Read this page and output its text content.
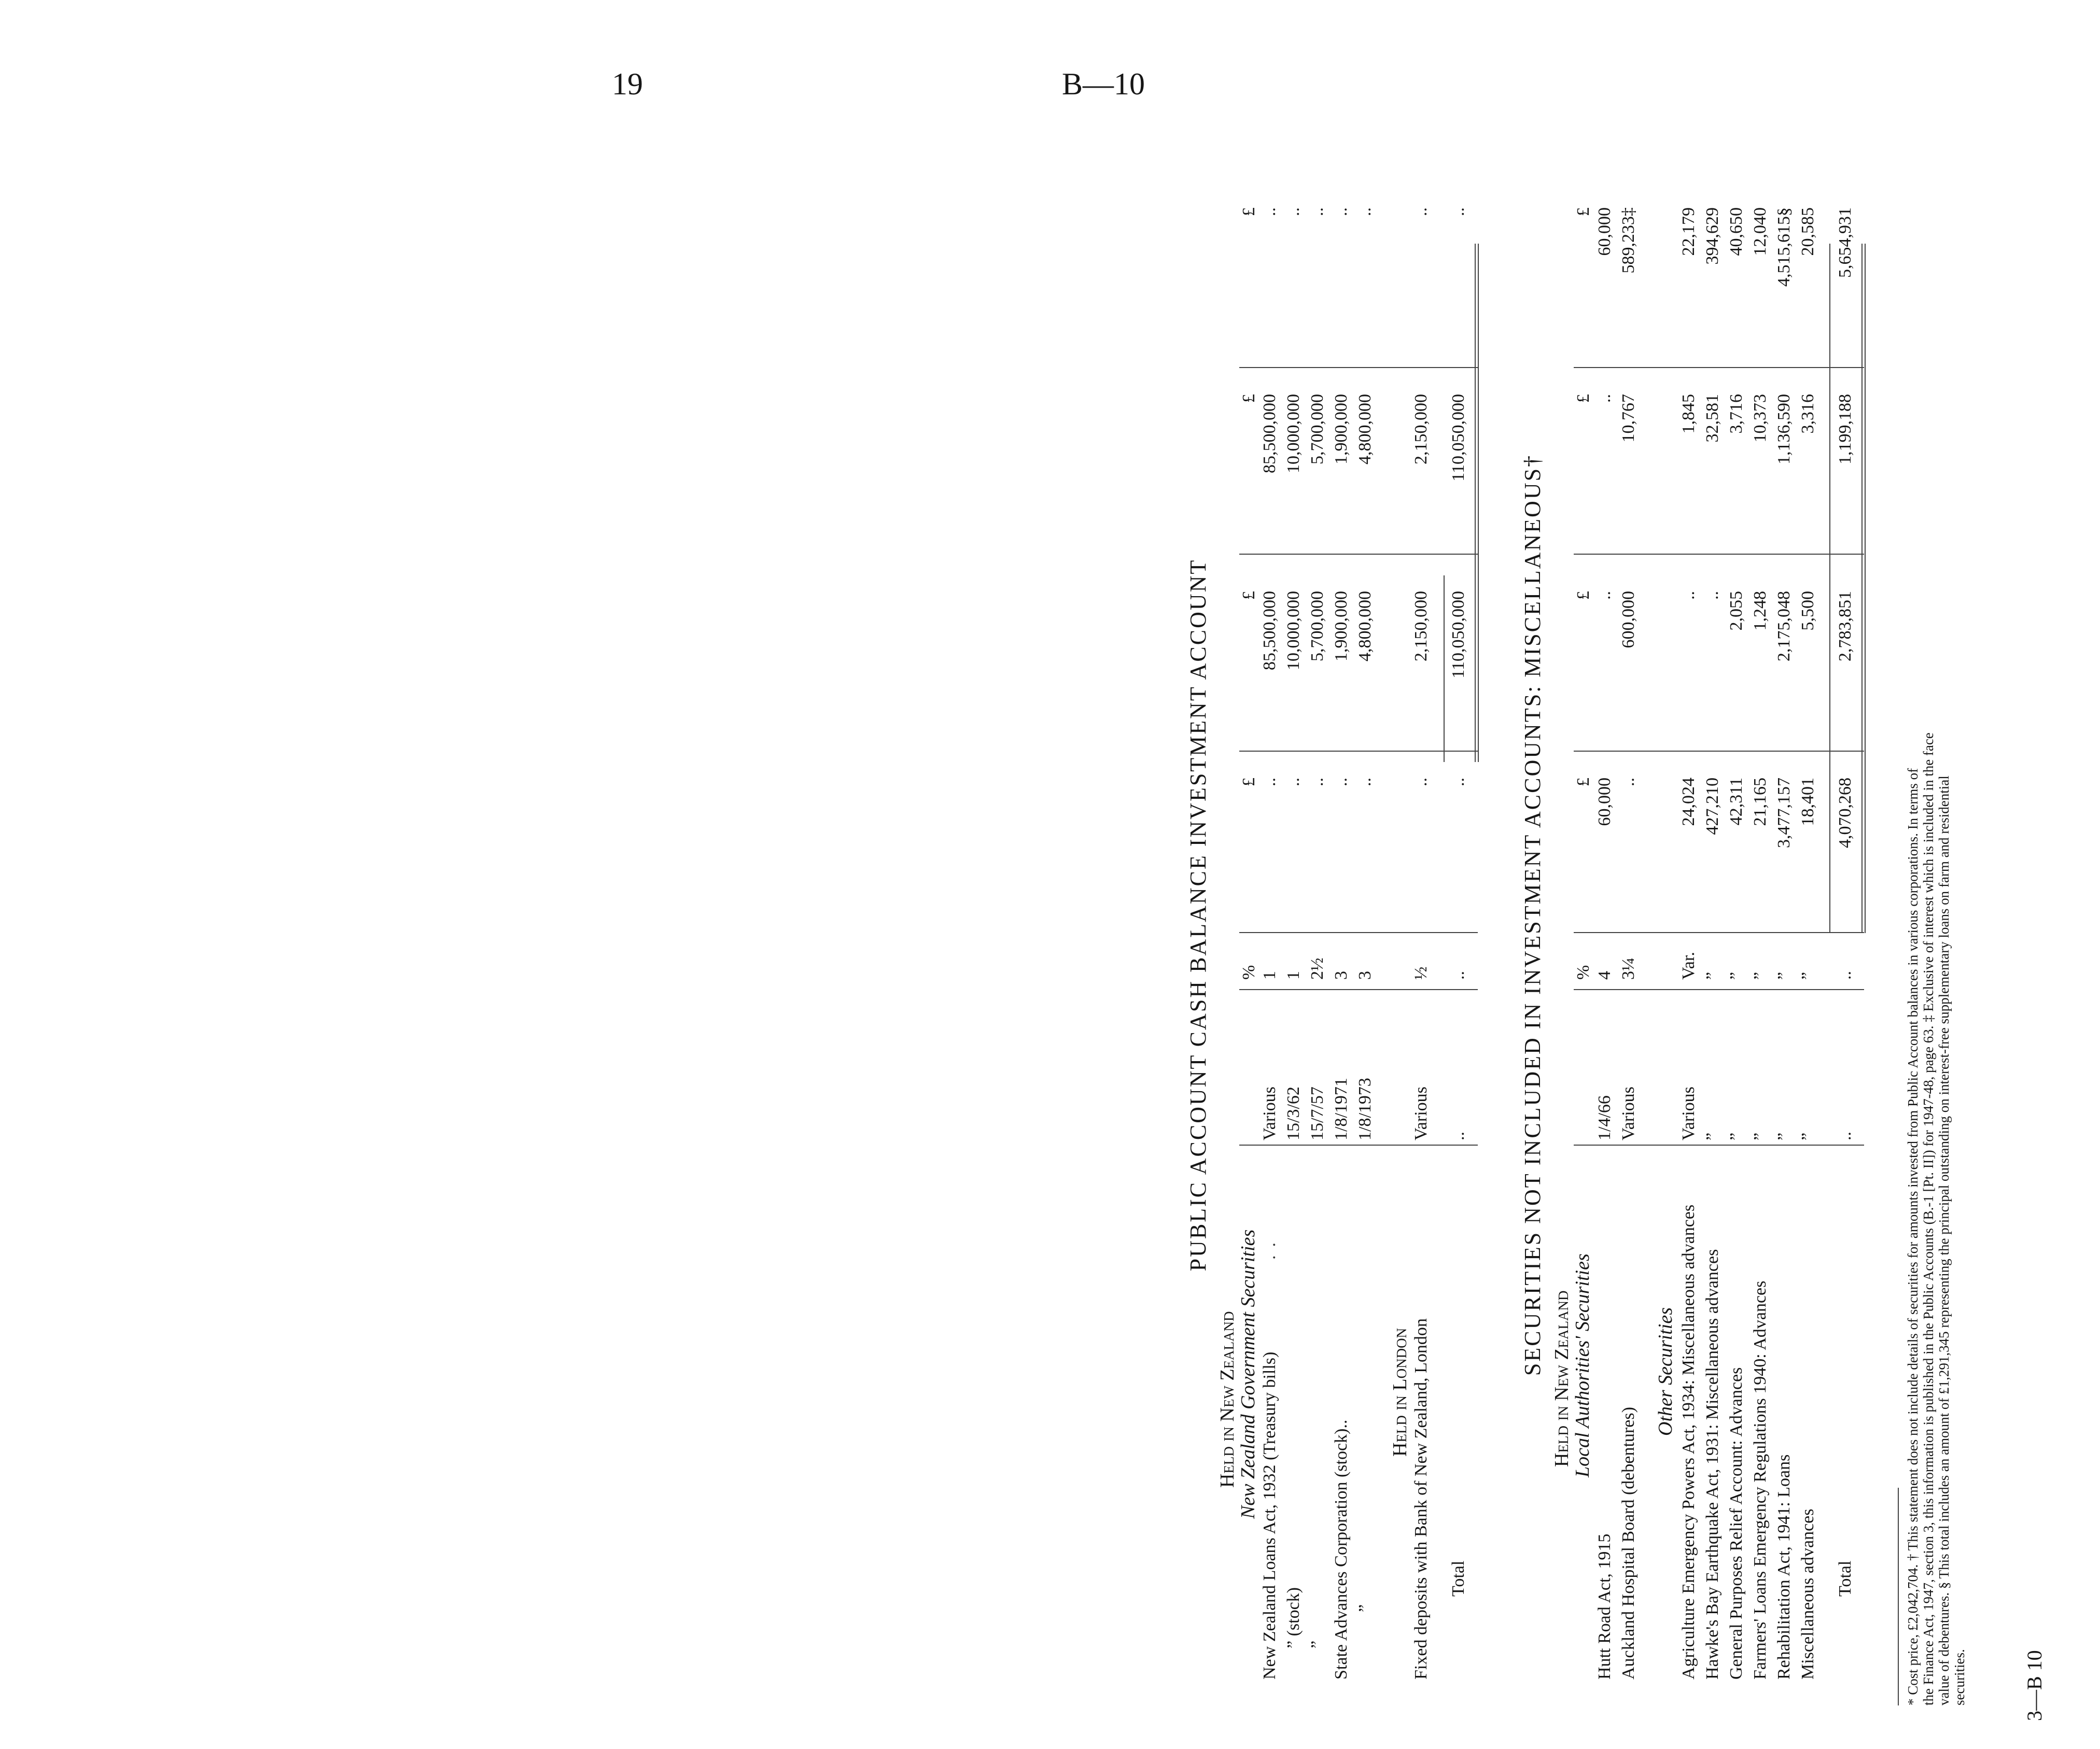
19	B—10
PUBLIC ACCOUNT CASH BALANCE INVESTMENT ACCOUNT
Held in New Zealand
New Zealand Government Securities
%
£
£
£
£
New Zealand Loans Act, 1932 (Treasury bills)
..
Various
1
..
85,500,000
85,500,000
..
” (stock)
15/3/62
1
..
10,000,000
10,000,000
..
”
15/7/57
2½
..
5,700,000
5,700,000
..
State Advances Corporation (stock)..
1/8/1971
3
..
1,900,000
1,900,000
..
”
1/8/1973
3
..
4,800,000
4,800,000
..
Held in London Fixed deposits with Bank of New Zealand, London
Various
½
..
2,150,000
2,150,000
..
Total
..
..
..
110,050,000
110,050,000
..
SECURITIES NOT INCLUDED IN INVESTMENT ACCOUNTS: MISCELLANEOUS†
Held in New Zealand
Local Authorities' Securities
%
£
£
£
£
Hutt Road Act, 1915
1/4/66
4
60,000
..
..
60,000
Auckland Hospital Board (debentures)
Various
3¼
..
600,000
10,767
589,233‡
Other Securities Agriculture Emergency Powers Act, 1934: Miscellaneous advances
Various
Var.
24,024
..
1,845
22,179
Hawke's Bay Earthquake Act, 1931: Miscellaneous advances
”
”
427,210
..
32,581
394,629
General Purposes Relief Account: Advances
”
”
42,311
2,055
3,716
40,650
Farmers' Loans Emergency Regulations 1940: Advances
”
”
21,165
1,248
10,373
12,040
Rehabilitation Act, 1941: Loans
”
”
3,477,157
2,175,048
1,136,590
4,515,615§
Miscellaneous advances
”
”
18,401
5,500
3,316
20,585
Total
..
..
4,070,268
2,783,851
1,199,188
5,654,931
* Cost price, £2,042,704. † This statement does not include details of securities for amounts invested from Public Account balances in various corporations. In terms of the Finance Act, 1947, section 3, this information is published in the Public Accounts (B.-1 [Pt. II]) for 1947-48, page 63. ‡ Exclusive of interest which is included in the face value of debentures. § This total includes an amount of £1,291,345 representing the principal outstanding on interest-free supplementary loans on farm and residential securities.	3—B 10
